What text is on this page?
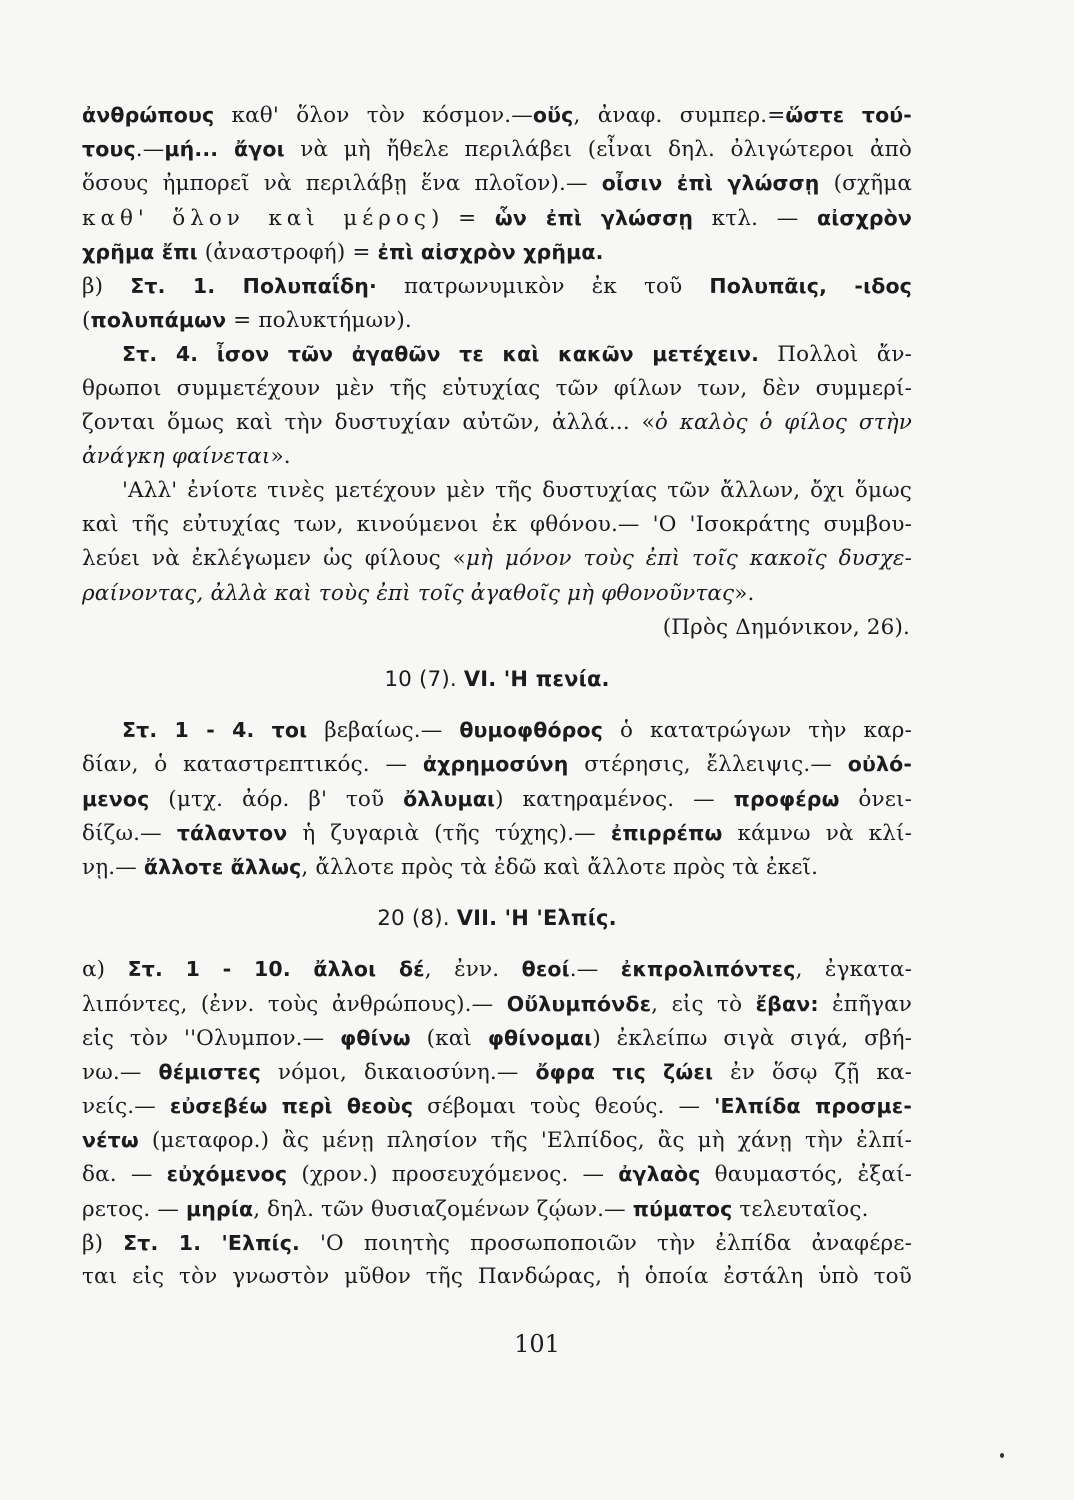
ἀνθρώπους καθ' ὅλον τὸν κόσμον.—οὕς, ἀναφ. συμπερ.=ὥστε τού-
τους.—μή... ἄγοι νὰ μὴ ἤθελε περιλάβει (εἶναι δηλ. ὀλιγώτεροι ἀπὸ
ὅσους ἠμπορεῖ νὰ περιλάβῃ ἕνα πλοῖον).— οἶσιν ἐπὶ γλώσσῃ (σχῆμα
καθ' ὅλον καὶ μέρος) = ὧν ἐπὶ γλώσσῃ κτλ. — αἰσχρὸν
χρῆμα ἔπι (ἀναστροφή) = ἐπὶ αἰσχρὸν χρῆμα.
β) Στ. 1. Πολυπαΐδη· πατρωνυμικὸν ἐκ τοῦ Πολυπᾶις, -ιδος
(πολυπάμων = πολυκτήμων).
Στ. 4. ἶσον τῶν ἀγαθῶν τε καὶ κακῶν μετέχειν. Πολλοὶ ἄν-
θρωποι συμμετέχουν μὲν τῆς εὐτυχίας τῶν φίλων των, δὲν συμμερί-
ζονται ὅμως καὶ τὴν δυστυχίαν αὐτῶν, ἀλλά... «ὁ καλὸς ὁ φίλος στὴν
ἀνάγκη φαίνεται».
'Αλλ' ἐνίοτε τινὲς μετέχουν μὲν τῆς δυστυχίας τῶν ἄλλων, ὄχι ὅμως
καὶ τῆς εὐτυχίας των, κινούμενοι ἐκ φθόνου.— 'Ο 'Ισοκράτης συμβου-
λεύει νὰ ἐκλέγωμεν ὡς φίλους «μὴ μόνον τοὺς ἐπὶ τοῖς κακοῖς δυσχε-
ραίνοντας, ἀλλὰ καὶ τοὺς ἐπὶ τοῖς ἀγαθοῖς μὴ φθονοῦντας».
(Πρὸς Δημόνικον, 26).
10 (7). VI. 'Η πενία.
Στ. 1 - 4. τοι βεβαίως.— θυμοφθόρος ὁ κατατρώγων τὴν καρ-
δίαν, ὁ καταστρεπτικός. — ἀχρημοσύνη στέρησις, ἔλλειψις.— οὐλό-
μενος (μτχ. ἀόρ. β' τοῦ ὄλλυμαι) κατηραμένος. — προφέρω ὀνει-
δίζω.— τάλαντον ἡ ζυγαριὰ (τῆς τύχης).— ἐπιρρέπω κάμνω νὰ κλί-
νῃ.— ἄλλοτε ἄλλως, ἄλλοτε πρὸς τὰ ἐδῶ καὶ ἄλλοτε πρὸς τὰ ἐκεῖ.
20 (8). VII. 'Η 'Ελπίς.
α) Στ. 1 - 10. ἄλλοι δέ, ἐνν. θεοί.— ἐκπρολιπόντες, ἐγκατα-
λιπόντες, (ἐνν. τοὺς ἀνθρώπους).— Οὔλυμπόνδε, εἰς τὸ ἔβαν: ἐπῆγαν
εἰς τὸν ''Ολυμπον.— φθίνω (καὶ φθίνομαι) ἐκλείπω σιγὰ σιγά, σβή-
νω.— θέμιστες νόμοι, δικαιοσύνη.— ὄφρα τις ζώει ἐν ὅσῳ ζῇ κα-
νείς.— εὐσεβέω περὶ θεοὺς σέβομαι τοὺς θεούς. — 'Ελπίδα προσμε-
νέτω (μεταφορ.) ἂς μένῃ πλησίον τῆς 'Ελπίδος, ἂς μὴ χάνῃ τὴν ἐλπί-
δα. — εὐχόμενος (χρον.) προσευχόμενος. — ἀγλαὸς θαυμαστός, ἐξαί-
ρετος. — μηρία, δηλ. τῶν θυσιαζομένων ζῴων.— πύματος τελευταῖος.
β) Στ. 1. 'Ελπίς. 'Ο ποιητὴς προσωποποιῶν τὴν ἐλπίδα ἀναφέρε-
ται εἰς τὸν γνωστὸν μῦθον τῆς Πανδώρας, ἡ ὁποία ἐστάλη ὑπὸ τοῦ
101
